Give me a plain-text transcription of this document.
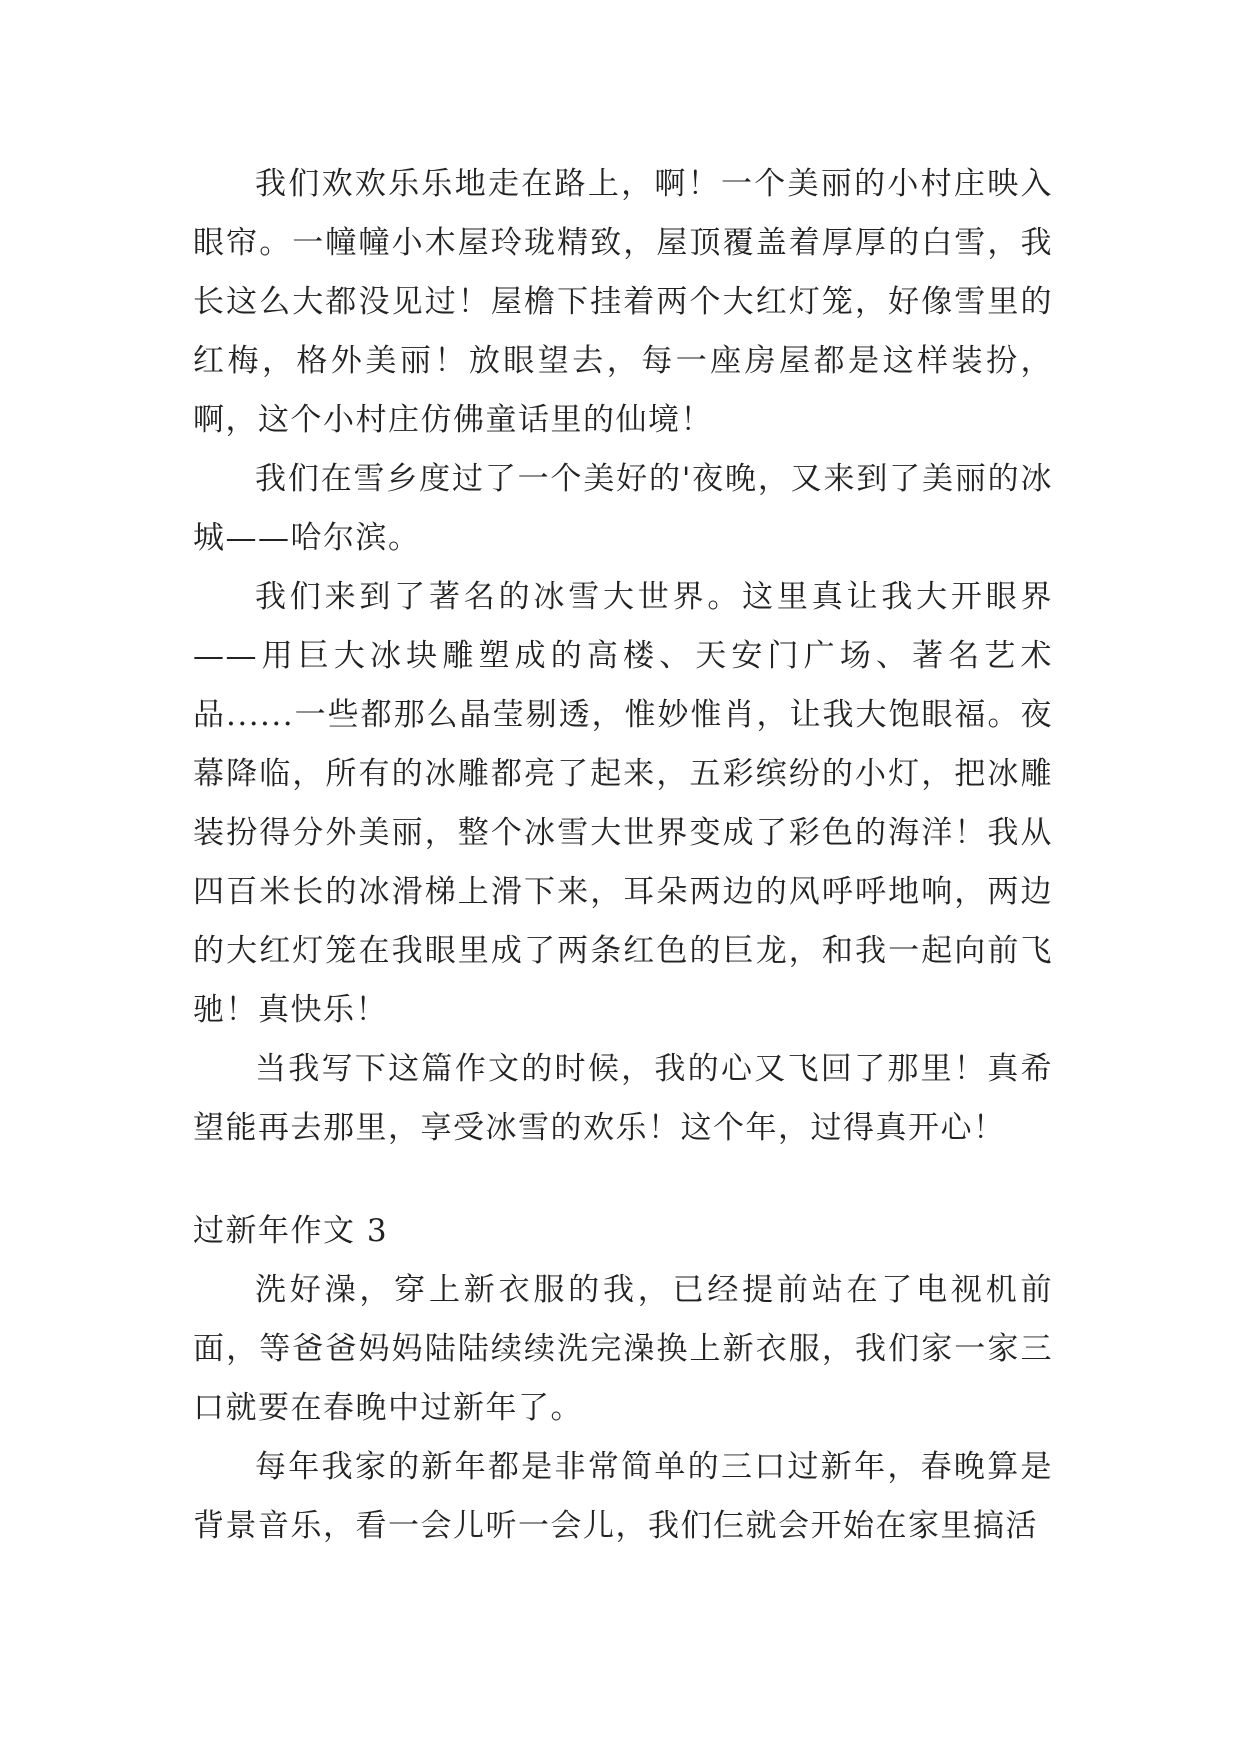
我们欢欢乐乐地走在路上，啊！一个美丽的小村庄映入眼帘。一幢幢小木屋玲珑精致，屋顶覆盖着厚厚的白雪，我长这么大都没见过！屋檐下挂着两个大红灯笼，好像雪里的红梅，格外美丽！放眼望去，每一座房屋都是这样装扮，啊，这个小村庄仿佛童话里的仙境！

我们在雪乡度过了一个美好的'夜晚，又来到了美丽的冰城——哈尔滨。

我们来到了著名的冰雪大世界。这里真让我大开眼界——用巨大冰块雕塑成的高楼、天安门广场、著名艺术品......一些都那么晶莹剔透，惟妙惟肖，让我大饱眼福。夜幕降临，所有的冰雕都亮了起来，五彩缤纷的小灯，把冰雕装扮得分外美丽，整个冰雪大世界变成了彩色的海洋！我从四百米长的冰滑梯上滑下来，耳朵两边的风呼呼地响，两边的大红灯笼在我眼里成了两条红色的巨龙，和我一起向前飞驰！真快乐！

当我写下这篇作文的时候，我的心又飞回了那里！真希望能再去那里，享受冰雪的欢乐！这个年，过得真开心！

过新年作文 3

洗好澡，穿上新衣服的我，已经提前站在了电视机前面，等爸爸妈妈陆陆续续洗完澡换上新衣服，我们家一家三口就要在春晚中过新年了。

每年我家的新年都是非常简单的三口过新年，春晚算是背景音乐，看一会儿听一会儿，我们仨就会开始在家里搞活
